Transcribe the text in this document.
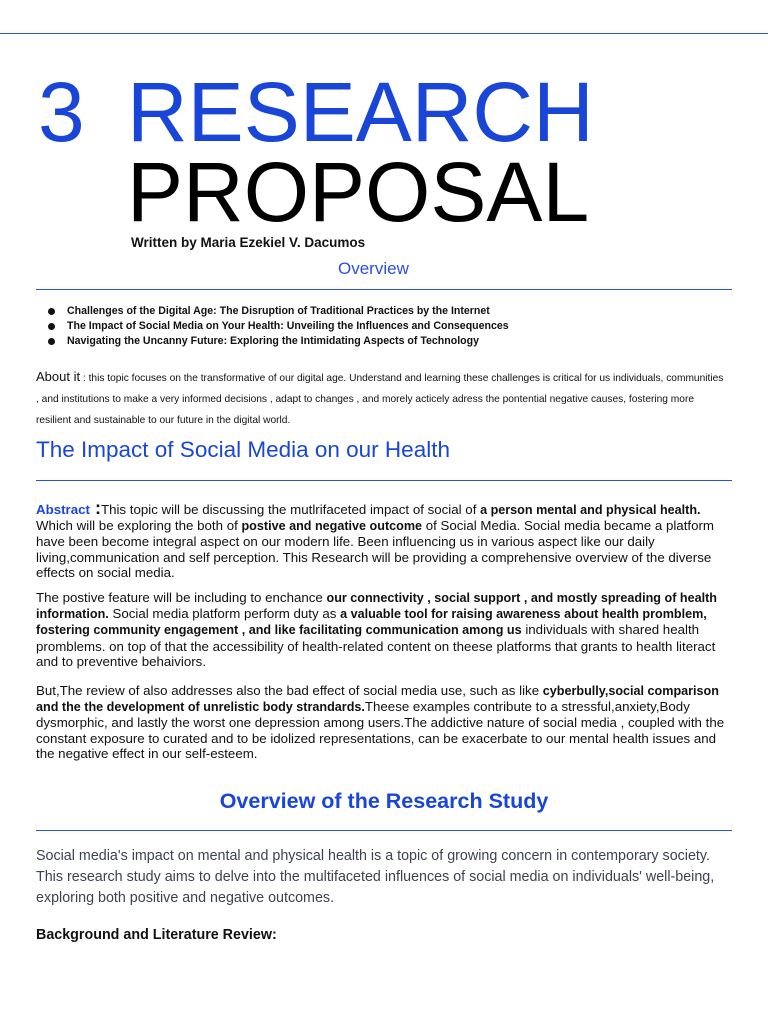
3 RESEARCH
PROPOSAL
Written by Maria Ezekiel V. Dacumos
Overview
Challenges of the Digital Age: The Disruption of Traditional Practices by the Internet
The Impact of Social Media on Your Health: Unveiling the Influences and Consequences
Navigating the Uncanny Future: Exploring the Intimidating Aspects of Technology
About it : this topic focuses on the transformative of our digital age. Understand and learning these challenges is critical for us individuals, communities , and institutions to make a very informed decisions , adapt to changes , and morely acticely adress the pontential negative causes, fostering more resilient and sustainable to our future in the digital world.
The Impact of Social Media on our Health
Abstract :This topic will be discussing the mutlrifaceted impact of social of a person mental and physical health. Which will be exploring the both of postive and negative outcome of Social Media. Social media became a platform have been become integral aspect on our modern life. Been influencing us in various aspect like our daily living,communication and self perception. This Research will be providing a comprehensive overview of the diverse effects on social media.
The postive feature will be including to enchance our connectivity , social support , and mostly spreading of health information. Social media platform perform duty as a valuable tool for raising awareness about health promblem, fostering community engagement , and like facilitating communication among us individuals with shared health promblems. on top of that the accessibility of health-related content on theese platforms that grants to health literact and to preventive behaiviors.
But,The review of also addresses also the bad effect of social media use, such as like cyberbully,social comparison and the the development of unrelistic body strandards.Theese examples contribute to a stressful,anxiety,Body dysmorphic, and lastly the worst one depression among users.The addictive nature of social media , coupled with the constant exposure to curated and to be idolized representations, can be exacerbate to our mental health issues and the negative effect in our self-esteem.
Overview of the Research Study
Social media's impact on mental and physical health is a topic of growing concern in contemporary society. This research study aims to delve into the multifaceted influences of social media on individuals' well-being, exploring both positive and negative outcomes.
Background and Literature Review:
